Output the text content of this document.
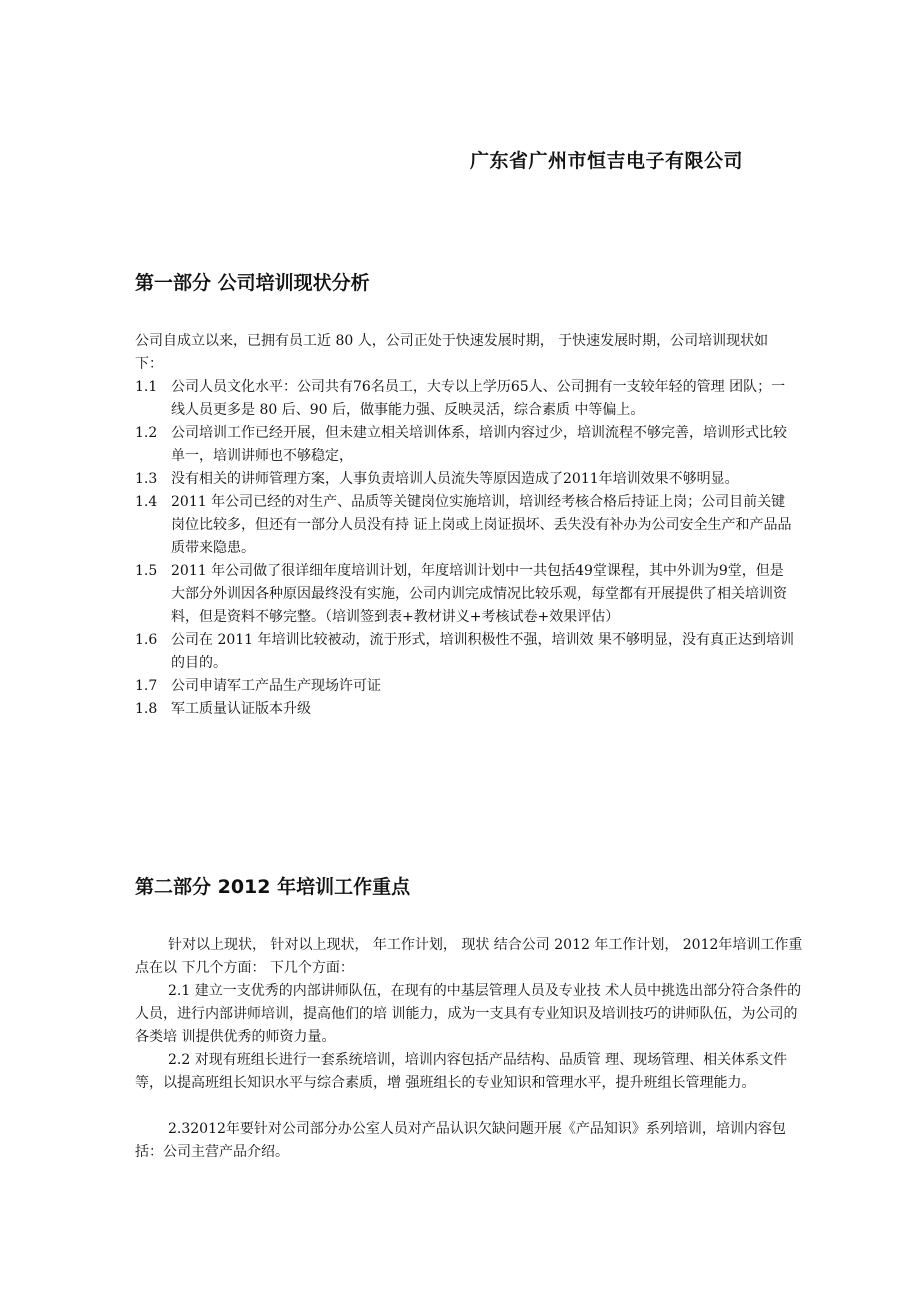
广东省广州市恒吉电子有限公司
第一部分 公司培训现状分析
公司自成立以来，已拥有员工近 80 人，公司正处于快速发展时期， 于快速发展时期，公司培训现状如下：
1.1 公司人员文化水平：公司共有76名员工，大专以上学历65人、公司拥有一支较年轻的管理 团队；一线人员更多是 80 后、90 后，做事能力强、反映灵活，综合素质 中等偏上。
1.2 公司培训工作已经开展，但未建立相关培训体系，培训内容过少，培训流程不够完善，培训形式比较单一，培训讲师也不够稳定，
1.3 没有相关的讲师管理方案，人事负责培训人员流失等原因造成了2011年培训效果不够明显。
1.4 2011 年公司已经的对生产、品质等关键岗位实施培训，培训经考核合格后持证上岗；公司目前关键岗位比较多，但还有一部分人员没有持 证上岗或上岗证损坏、丢失没有补办为公司安全生产和产品品质带来隐患。
1.5 2011 年公司做了很详细年度培训计划，年度培训计划中一共包括49堂课程，其中外训为9堂，但是大部分外训因各种原因最终没有实施，公司内训完成情况比较乐观，每堂都有开展提供了相关培训资料，但是资料不够完整。（培训签到表+教材讲义+考核试卷+效果评估）
1.6 公司在 2011 年培训比较被动，流于形式，培训积极性不强，培训效 果不够明显，没有真正达到培训的目的。
1.7 公司申请军工产品生产现场许可证
1.8 军工质量认证版本升级
第二部分 2012 年培训工作重点
针对以上现状， 针对以上现状， 年工作计划， 现状 结合公司 2012 年工作计划， 2012年培训工作重点在以 下几个方面： 下几个方面：
2.1 建立一支优秀的内部讲师队伍，在现有的中基层管理人员及专业技 术人员中挑选出部分符合条件的人员，进行内部讲师培训，提高他们的培 训能力，成为一支具有专业知识及培训技巧的讲师队伍，为公司的各类培 训提供优秀的师资力量。
2.2 对现有班组长进行一套系统培训，培训内容包括产品结构、品质管 理、现场管理、相关体系文件等，以提高班组长知识水平与综合素质，增 强班组长的专业知识和管理水平，提升班组长管理能力。
2.32012年要针对公司部分办公室人员对产品认识欠缺问题开展《产品知识》系列培训，培训内容包括：公司主营产品介绍。
